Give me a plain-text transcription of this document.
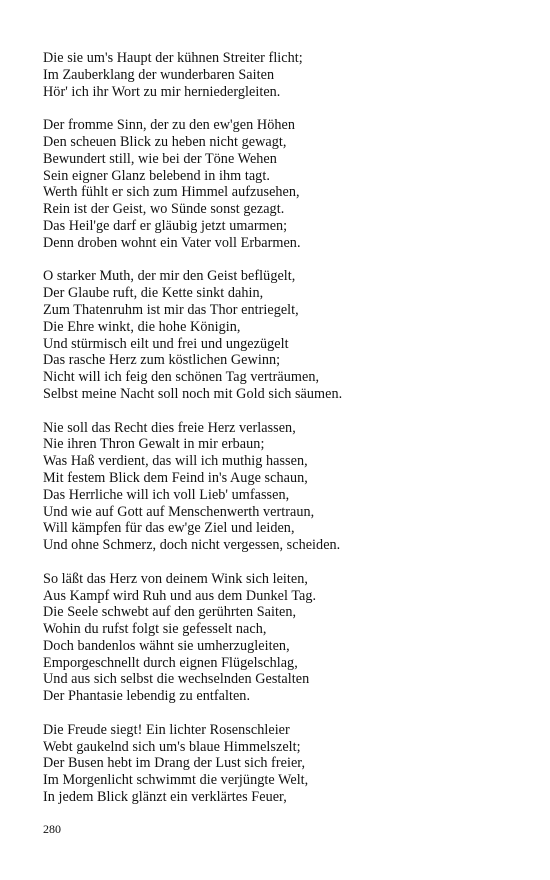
Die sie um's Haupt der kühnen Streiter flicht;
Im Zauberklang der wunderbaren Saiten
Hör' ich ihr Wort zu mir herniedergleiten.
Der fromme Sinn, der zu den ew'gen Höhen
Den scheuen Blick zu heben nicht gewagt,
Bewundert still, wie bei der Töne Wehen
Sein eigner Glanz belebend in ihm tagt.
Werth fühlt er sich zum Himmel aufzusehen,
Rein ist der Geist, wo Sünde sonst gezagt.
Das Heil'ge darf er gläubig jetzt umarmen;
Denn droben wohnt ein Vater voll Erbarmen.
O starker Muth, der mir den Geist beflügelt,
Der Glaube ruft, die Kette sinkt dahin,
Zum Thatenruhm ist mir das Thor entriegelt,
Die Ehre winkt, die hohe Königin,
Und stürmisch eilt und frei und ungezügelt
Das rasche Herz zum köstlichen Gewinn;
Nicht will ich feig den schönen Tag verträumen,
Selbst meine Nacht soll noch mit Gold sich säumen.
Nie soll das Recht dies freie Herz verlassen,
Nie ihren Thron Gewalt in mir erbaun;
Was Haß verdient, das will ich muthig hassen,
Mit festem Blick dem Feind in's Auge schaun,
Das Herrliche will ich voll Lieb' umfassen,
Und wie auf Gott auf Menschenwerth vertraun,
Will kämpfen für das ew'ge Ziel und leiden,
Und ohne Schmerz, doch nicht vergessen, scheiden.
So läßt das Herz von deinem Wink sich leiten,
Aus Kampf wird Ruh und aus dem Dunkel Tag.
Die Seele schwebt auf den gerührten Saiten,
Wohin du rufst folgt sie gefesselt nach,
Doch bandenlos wähnt sie umherzugleiten,
Emporgeschnellt durch eignen Flügelschlag,
Und aus sich selbst die wechselnden Gestalten
Der Phantasie lebendig zu entfalten.
Die Freude siegt! Ein lichter Rosenschleier
Webt gaukelnd sich um's blaue Himmelszelt;
Der Busen hebt im Drang der Lust sich freier,
Im Morgenlicht schwimmt die verjüngte Welt,
In jedem Blick glänzt ein verklärtes Feuer,
280
